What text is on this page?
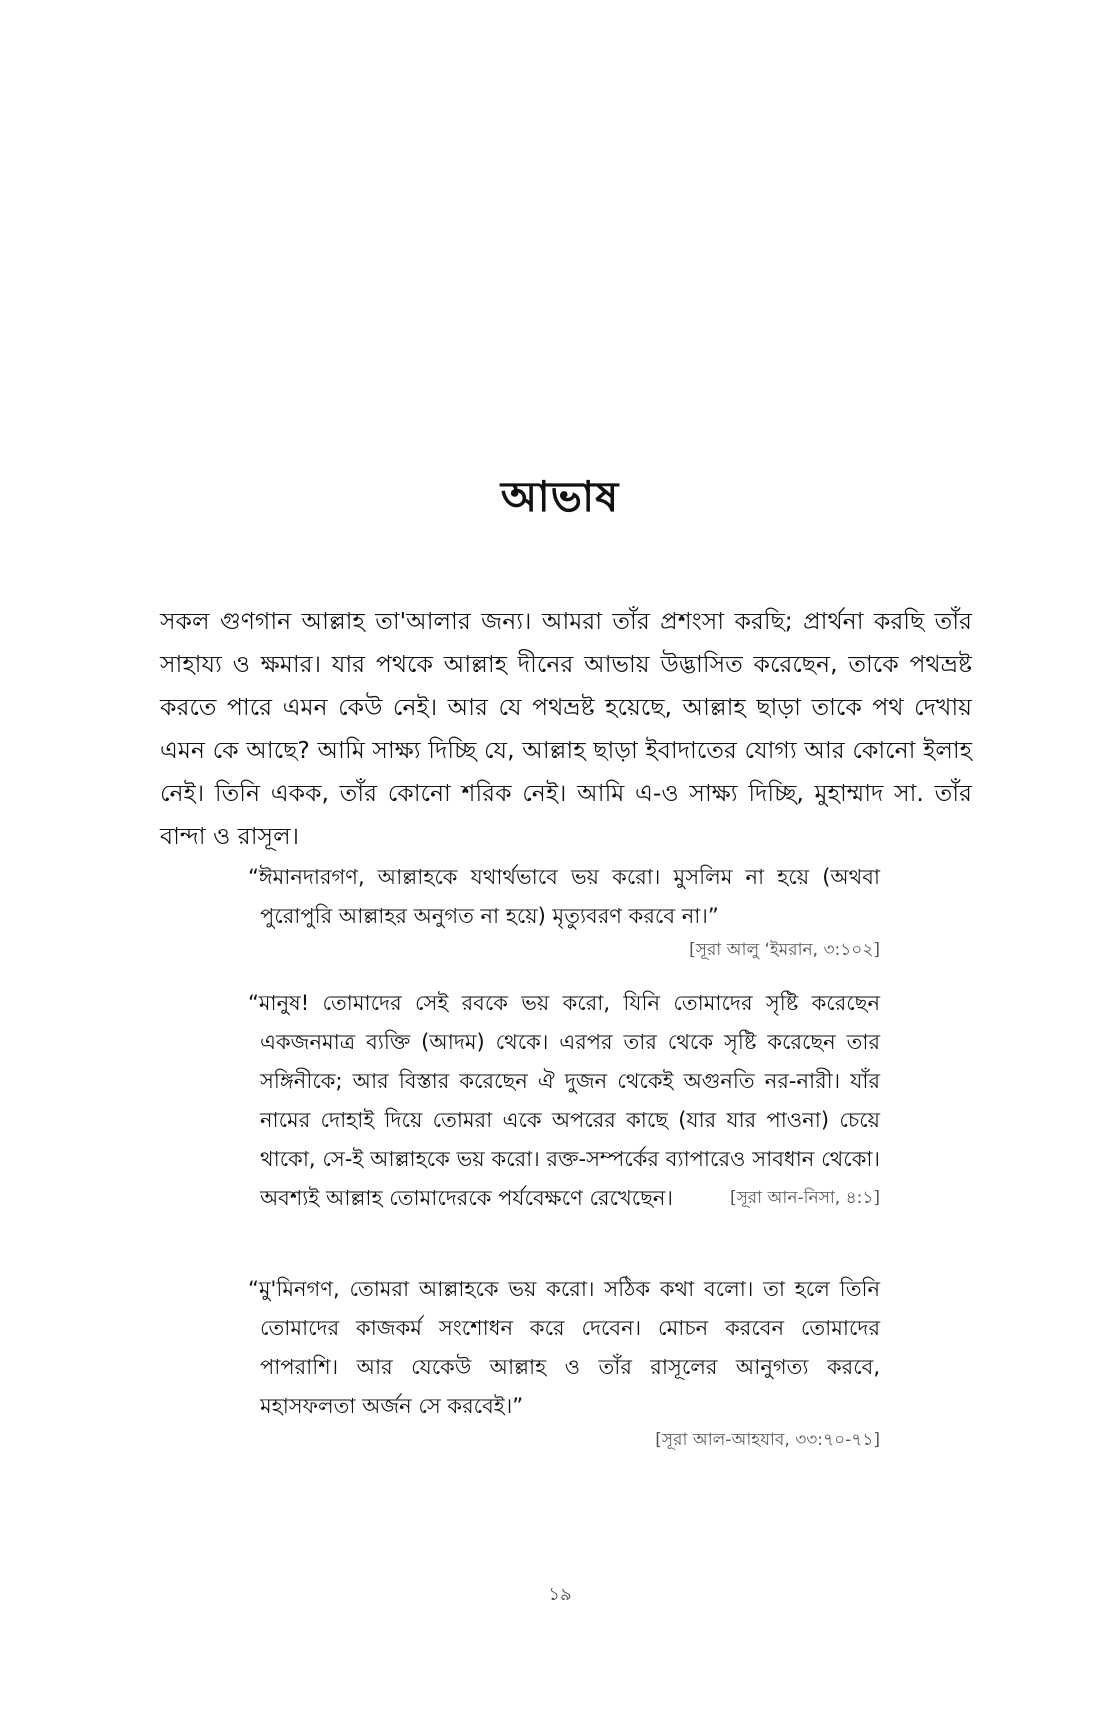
আভাষ

সকল গুণগান আল্লাহ তা'আলার জন্য। আমরা তাঁর প্রশংসা করছি; প্রার্থনা করছি তাঁর সাহায্য ও ক্ষমার। যার পথকে আল্লাহ দীনের আভায় উদ্ভাসিত করেছেন, তাকে পথভ্রষ্ট করতে পারে এমন কেউ নেই। আর যে পথভ্রষ্ট হয়েছে, আল্লাহ ছাড়া তাকে পথ দেখায় এমন কে আছে? আমি সাক্ষ্য দিচ্ছি যে, আল্লাহ ছাড়া ইবাদাতের যোগ্য আর কোনো ইলাহ নেই। তিনি একক, তাঁর কোনো শরিক নেই। আমি এ-ও সাক্ষ্য দিচ্ছি, মুহাম্মাদ সা. তাঁর বান্দা ও রাসূল।

“ঈমানদারগণ, আল্লাহকে যথার্থভাবে ভয় করো। মুসলিম না হয়ে (অথবা পুরোপুরি আল্লাহর অনুগত না হয়ে) মৃত্যুবরণ করবে না।”
[সূরা আলু ‘ইমরান, ৩:১০২]
“মানুষ! তোমাদের সেই রবকে ভয় করো, যিনি তোমাদের সৃষ্টি করেছেন একজনমাত্র ব্যক্তি (আদম) থেকে। এরপর তার থেকে সৃষ্টি করেছেন তার সঙ্গিনীকে; আর বিস্তার করেছেন ঐ দুজন থেকেই অগুনতি নর-নারী। যাঁর নামের দোহাই দিয়ে তোমরা একে অপরের কাছে (যার যার পাওনা) চেয়ে থাকো, সে-ই আল্লাহকে ভয় করো। রক্ত-সম্পর্কের ব্যাপারেও সাবধান থেকো। অবশ্যই আল্লাহ তোমাদেরকে পর্যবেক্ষণে রেখেছেন।	[সূরা আন-নিসা, ৪:১]
“মু'মিনগণ, তোমরা আল্লাহকে ভয় করো। সঠিক কথা বলো। তা হলে তিনি তোমাদের কাজকর্ম সংশোধন করে দেবেন। মোচন করবেন তোমাদের পাপরাশি। আর যেকেউ আল্লাহ ও তাঁর রাসূলের আনুগত্য করবে, মহাসফলতা অর্জন সে করবেই।”
[সূরা আল-আহযাব, ৩৩:৭০-৭১]
১৯
